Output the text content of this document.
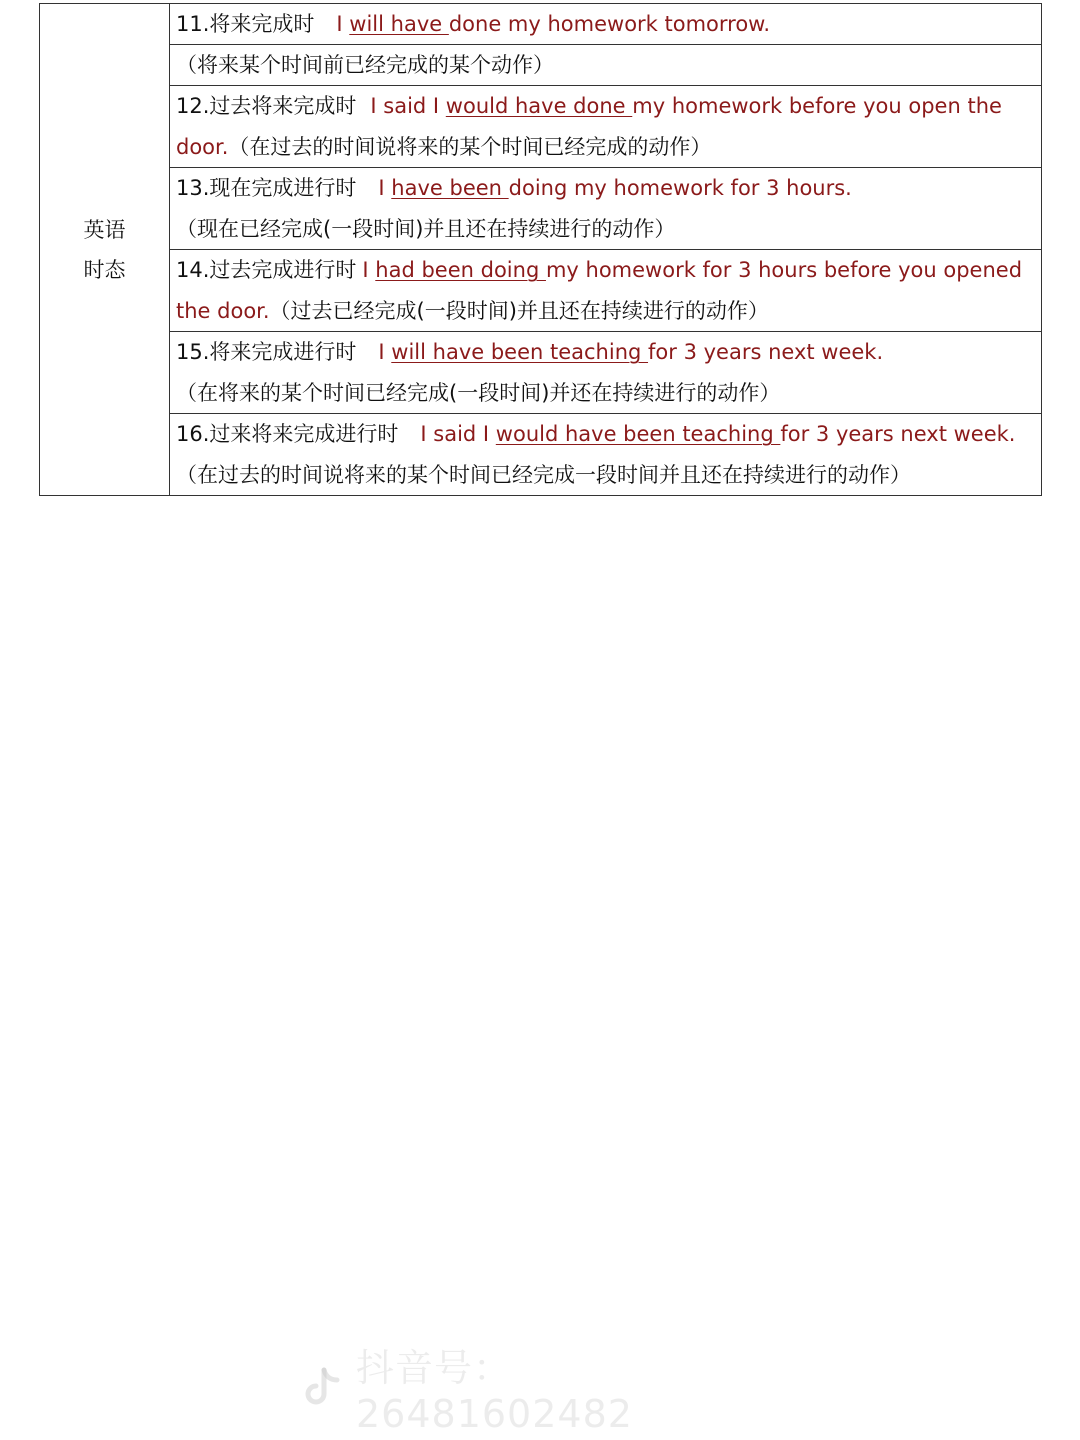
英语
时态
11.将来完成时 I will have done my homework tomorrow.
（将来某个时间前已经完成的某个动作）
12.过去将来完成时 I said I would have done my homework before you open the
door.（在过去的时间说将来的某个时间已经完成的动作）
13.现在完成进行时 I have been doing my homework for 3 hours.
（现在已经完成(一段时间)并且还在持续进行的动作）
14.过去完成进行时 I had been doing my homework for 3 hours before you opened
the door.（过去已经完成(一段时间)并且还在持续进行的动作）
15.将来完成进行时 I will have been teaching for 3 years next week.
（在将来的某个时间已经完成(一段时间)并还在持续进行的动作）
16.过来将来完成进行时 I said I would have been teaching for 3 years next week.
（在过去的时间说将来的某个时间已经完成一段时间并且还在持续进行的动作）
抖音号： 26481602482
